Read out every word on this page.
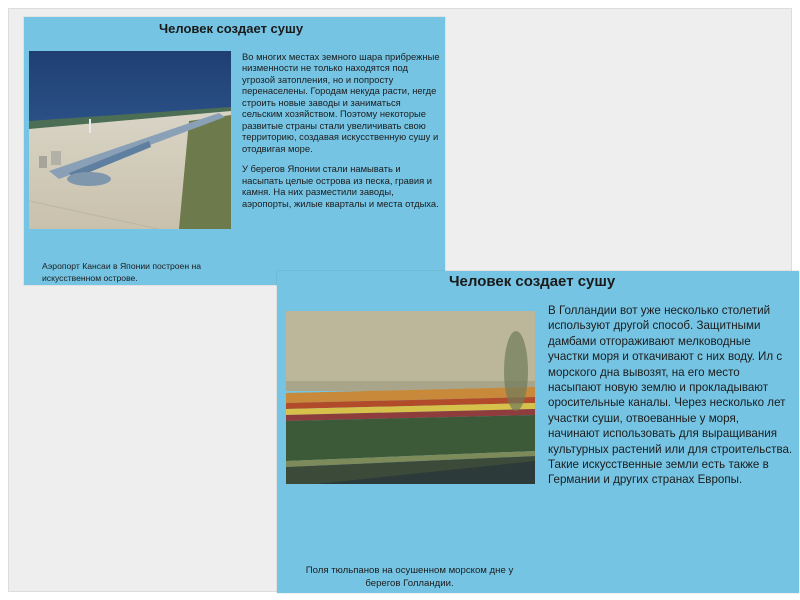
Человек создает сушу

Во многих местах земного шара прибрежные низменности не только находятся под угрозой затопления, но и попросту перенаселены. Городам некуда расти, негде строить новые заводы и заниматься сельским хозяйством. Поэтому некоторые развитые страны стали увеличивать свою территорию, создавая искусственную сушу и отодвигая море.

У берегов Японии стали намывать и насыпать целые острова из песка, гравия и камня. На них разместили заводы, аэропорты, жилые кварталы и места отдыха.

Аэропорт Кансаи в Японии построен на искусственном острове.	Человек создает сушу

В Голландии вот уже несколько столетий используют другой способ. Защитными дамбами отгораживают мелководные участки моря и откачивают с них воду. Ил с морского дна вывозят, на его место насыпают новую землю и прокладывают оросительные каналы. Через несколько лет участки суши, отвоеванные у моря, начинают использовать для выращивания культурных растений или для строительства. Такие искусственные земли есть также в Германии и других странах Европы.

Поля тюльпанов на осушенном морском дне у берегов Голландии.
